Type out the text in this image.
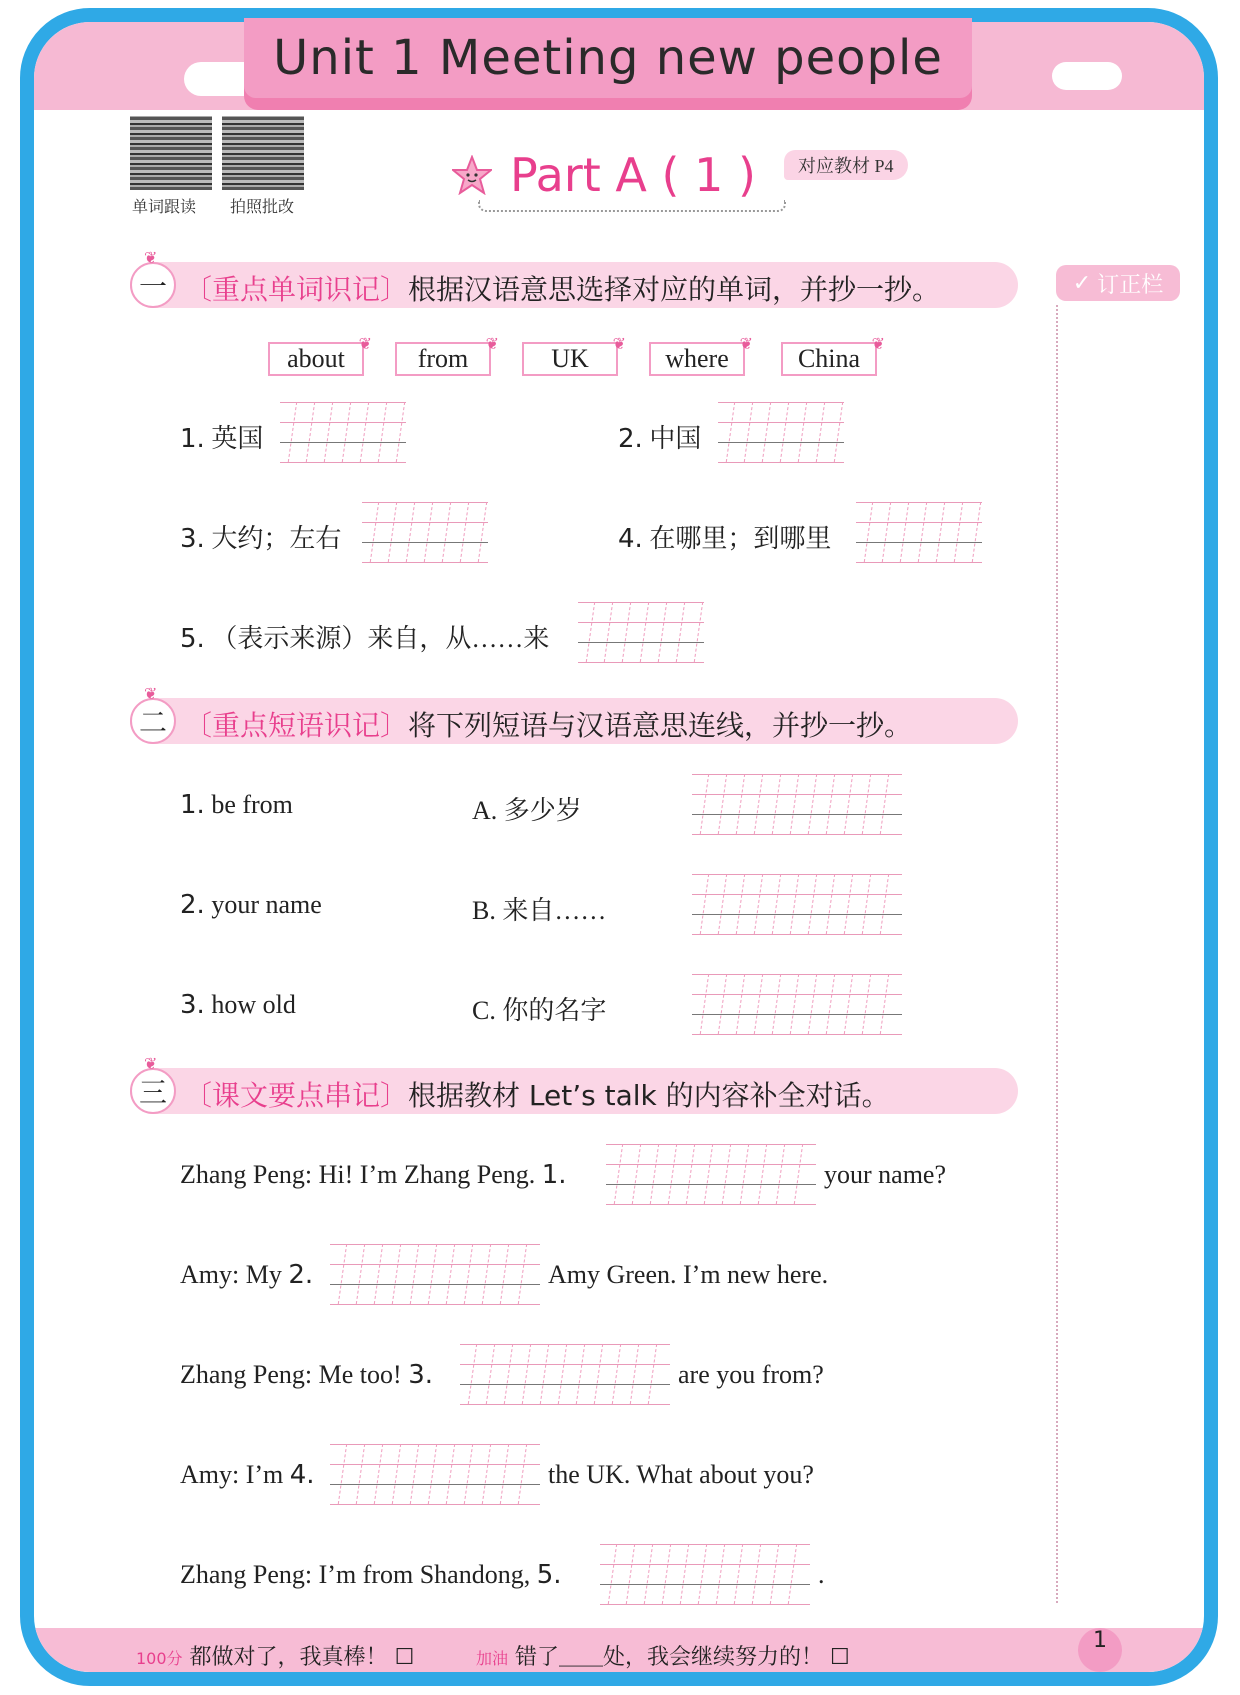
Unit 1 Meeting new people
单词跟读 拍照批改
Part A ( 1 )	对应教材 P4
✓ 订正栏
一
❦
〔重点单词识记〕根据汉语意思选择对应的单词，并抄一抄。
about ❦ from ❦ UK ❦ where ❦ China ❦
1. 英国	2. 中国
3. 大约；左右	4. 在哪里；到哪里
5. （表示来源）来自，从……来
二
❦
〔重点短语识记〕将下列短语与汉语意思连线，并抄一抄。
1. be from	A. 多少岁
2. your name	B. 来自……
3. how old	C. 你的名字
三
❦
〔课文要点串记〕根据教材 Let’s talk 的内容补全对话。
Zhang Peng: Hi! I’m Zhang Peng. 1.	your name?
Amy: My 2.	Amy Green. I’m new here.
Zhang Peng: Me too! 3.	are you from?
Amy: I’m 4.	the UK. What about you?
Zhang Peng: I’m from Shandong, 5.	.
100分 都做对了，我真棒！ ☐	加油 错了＿＿处，我会继续努力的！ ☐
1
